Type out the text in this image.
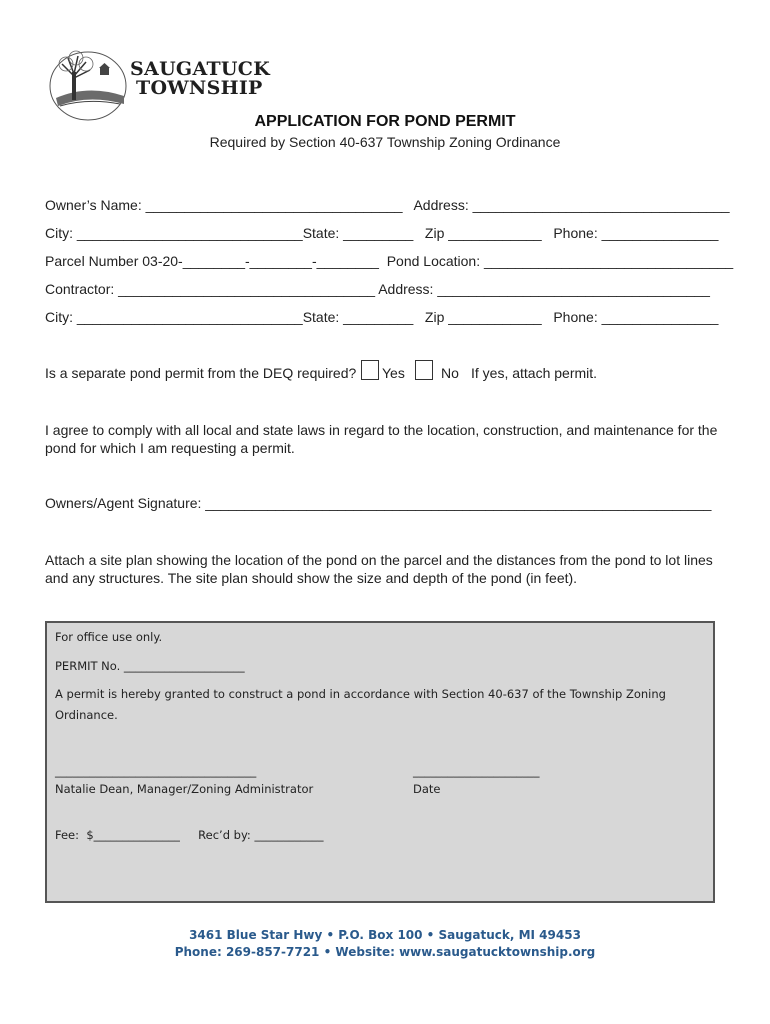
SAUGATUCK
TOWNSHIP
APPLICATION FOR POND PERMIT
Required by Section 40-637 Township Zoning Ordinance
Owner’s Name: _________________________________   Address: _________________________________
City: _____________________________State: _________   Zip ____________   Phone: _______________
Parcel Number 03-20-________-________-________  Pond Location: ________________________________
Contractor: _________________________________ Address: ___________________________________
City: _____________________________State: _________   Zip ____________   Phone: _______________
Is a separate pond permit from the DEQ required? Yes	No If yes, attach permit.
I agree to comply with all local and state laws in regard to the location, construction, and maintenance for the pond for which I am requesting a permit.
Owners/Agent Signature: _________________________________________________________________
Attach a site plan showing the location of the pond on the parcel and the distances from the pond to lot lines and any structures. The site plan should show the size and depth of the pond (in feet).
For office use only.
PERMIT No. _____________________
A permit is hereby granted to construct a pond in accordance with Section 40-637 of the Township Zoning
Ordinance.
___________________________________	______________________
Natalie Dean, Manager/Zoning Administrator	Date
Fee:  $_______________     Rec’d by: ____________
3461 Blue Star Hwy • P.O. Box 100 • Saugatuck, MI 49453
Phone: 269-857-7721 • Website: www.saugatucktownship.org
